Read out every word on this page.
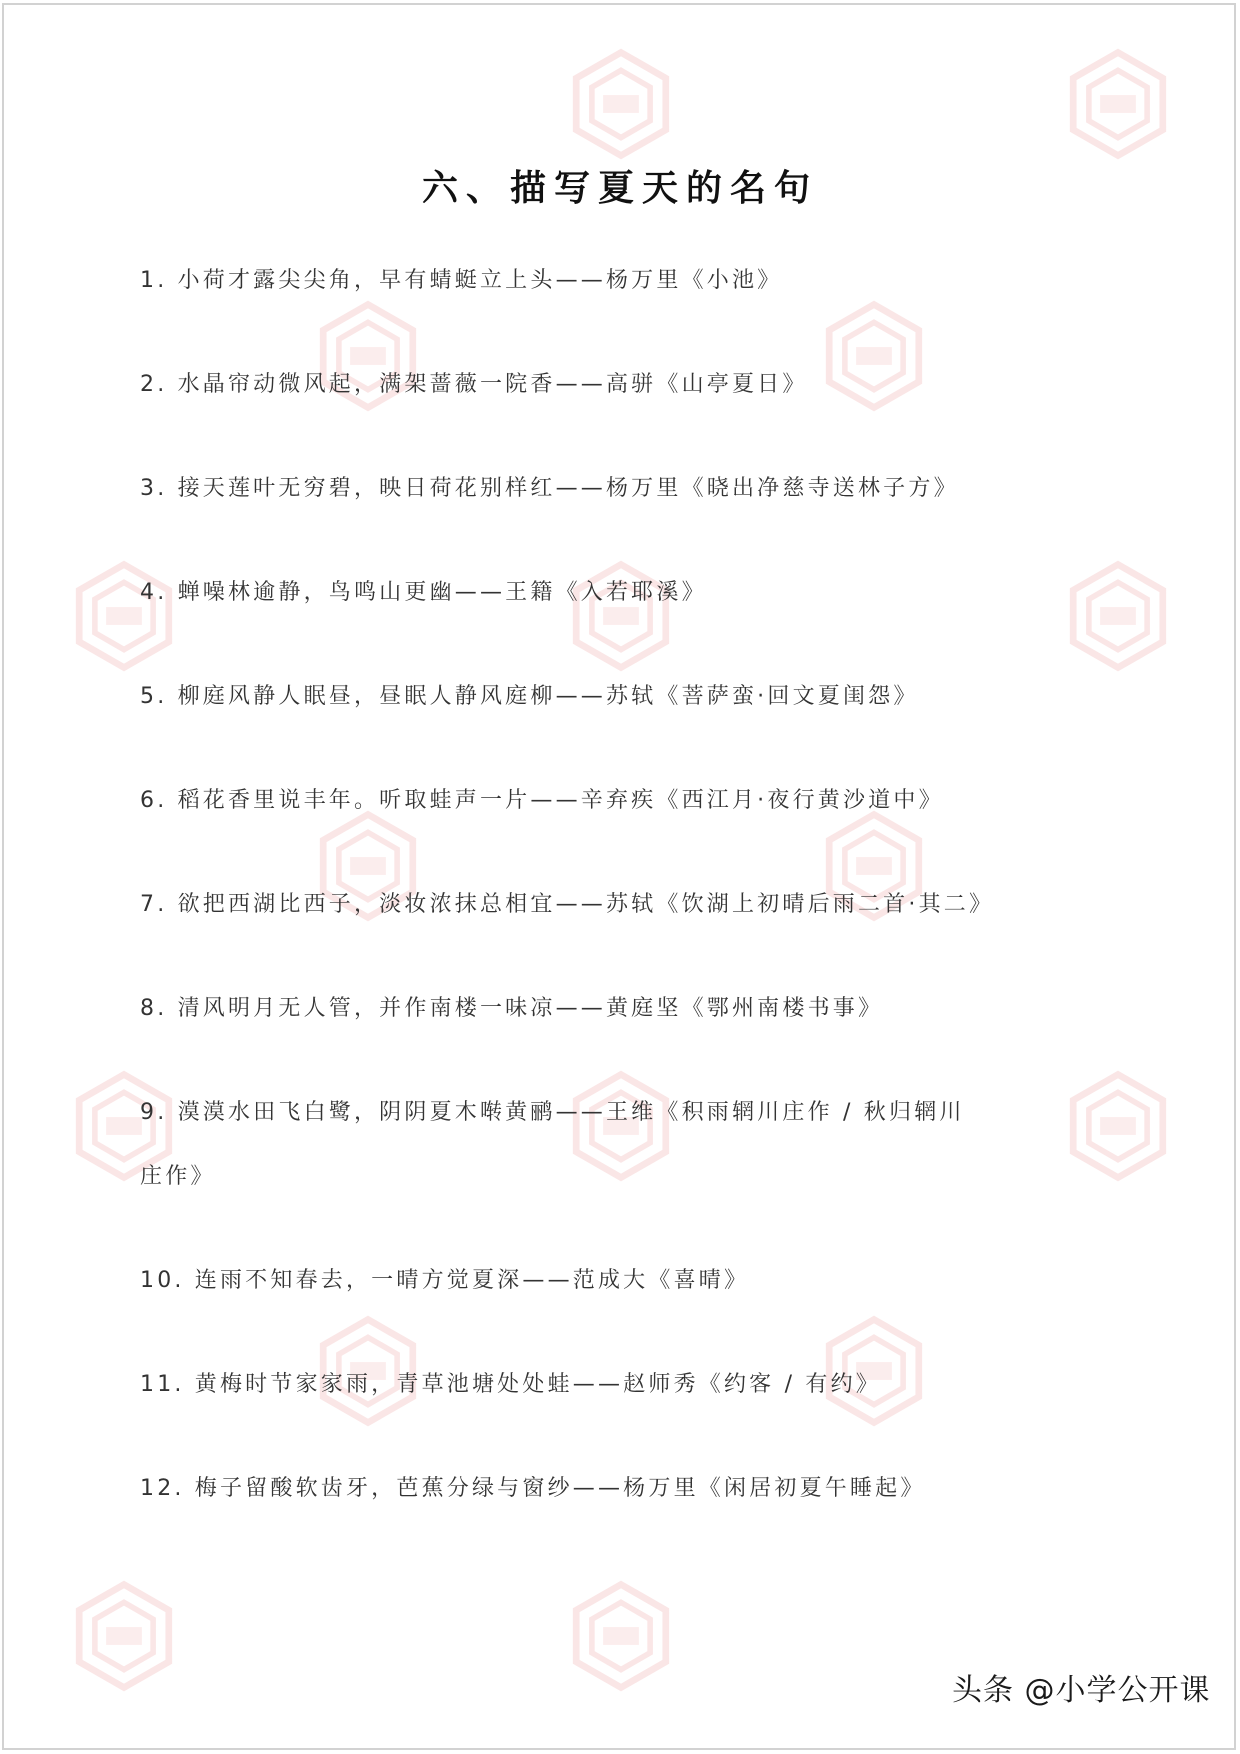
六、描写夏天的名句
1. 小荷才露尖尖角，早有蜻蜓立上头——杨万里《小池》
2. 水晶帘动微风起，满架蔷薇一院香——高骈《山亭夏日》
3. 接天莲叶无穷碧，映日荷花别样红——杨万里《晓出净慈寺送林子方》
4. 蝉噪林逾静，鸟鸣山更幽——王籍《入若耶溪》
5. 柳庭风静人眠昼，昼眠人静风庭柳——苏轼《菩萨蛮·回文夏闺怨》
6. 稻花香里说丰年。听取蛙声一片——辛弃疾《西江月·夜行黄沙道中》
7. 欲把西湖比西子，淡妆浓抹总相宜——苏轼《饮湖上初晴后雨二首·其二》
8. 清风明月无人管，并作南楼一味凉——黄庭坚《鄂州南楼书事》
9. 漠漠水田飞白鹭，阴阴夏木啭黄鹂——王维《积雨辋川庄作 / 秋归辋川
庄作》
10. 连雨不知春去，一晴方觉夏深——范成大《喜晴》
11. 黄梅时节家家雨，青草池塘处处蛙——赵师秀《约客 / 有约》
12. 梅子留酸软齿牙，芭蕉分绿与窗纱——杨万里《闲居初夏午睡起》
头条 @小学公开课
